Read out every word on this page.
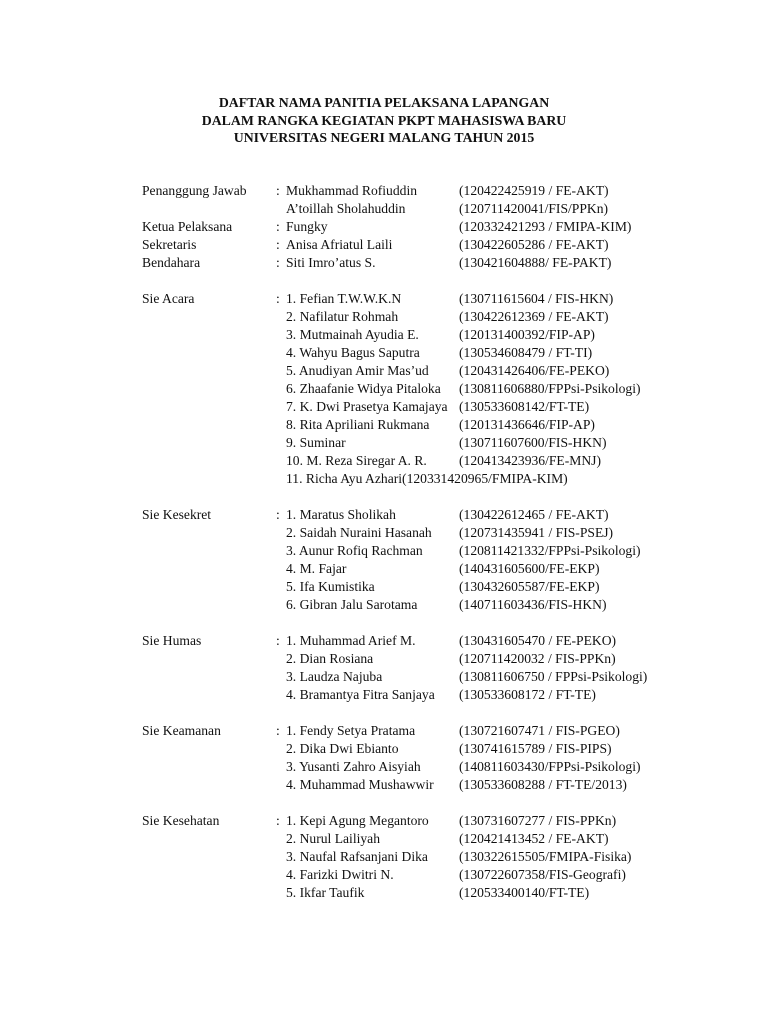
DAFTAR NAMA PANITIA PELAKSANA LAPANGAN
DALAM RANGKA KEGIATAN PKPT MAHASISWA BARU
UNIVERSITAS NEGERI MALANG TAHUN 2015
Penanggung Jawab : Mukhammad Rofiuddin	(120422425919 / FE-AKT)
A’toillah Sholahuddin	(120711420041/FIS/PPKn)
Ketua Pelaksana	: Fungky	(120332421293 / FMIPA-KIM)
Sekretaris	: Anisa Afriatul Laili	(130422605286 / FE-AKT)
Bendahara	: Siti Imro’atus S.	(130421604888/ FE-PAKT)
Sie Acara	: 1. Fefian T.W.W.K.N	(130711615604 / FIS-HKN)
2. Nafilatur Rohmah	(130422612369 / FE-AKT)
3. Mutmainah Ayudia E.	(120131400392/FIP-AP)
4. Wahyu Bagus Saputra	(130534608479 / FT-TI)
5. Anudiyan Amir Mas’ud (120431426406/FE-PEKO)
6. Zhaafanie Widya Pitaloka (130811606880/FPPsi-Psikologi)
7. K. Dwi Prasetya Kamajaya (130533608142/FT-TE)
8. Rita Apriliani Rukmana (120131436646/FIP-AP)
9. Suminar	(130711607600/FIS-HKN)
10. M. Reza Siregar A. R. (120413423936/FE-MNJ)
11. Richa Ayu Azhari(120331420965/FMIPA-KIM)
Sie Kesekret	: 1. Maratus Sholikah	(130422612465 / FE-AKT)
2. Saidah Nuraini Hasanah (120731435941 / FIS-PSEJ)
3. Aunur Rofiq Rachman	(120811421332/FPPsi-Psikologi)
4. M. Fajar	(140431605600/FE-EKP)
5. Ifa Kumistika	(130432605587/FE-EKP)
6. Gibran Jalu Sarotama	(140711603436/FIS-HKN)
Sie Humas	: 1. Muhammad Arief M.	(130431605470 / FE-PEKO)
2. Dian Rosiana	(120711420032 / FIS-PPKn)
3. Laudza Najuba	(130811606750 / FPPsi-Psikologi)
4. Bramantya Fitra Sanjaya (130533608172 / FT-TE)
Sie Keamanan	: 1. Fendy Setya Pratama	(130721607471 / FIS-PGEO)
2. Dika Dwi Ebianto	(130741615789 / FIS-PIPS)
3. Yusanti Zahro Aisyiah	(140811603430/FPPsi-Psikologi)
4. Muhammad Mushawwir (130533608288 / FT-TE/2013)
Sie Kesehatan	: 1. Kepi Agung Megantoro (130731607277 / FIS-PPKn)
2. Nurul Lailiyah	(120421413452 / FE-AKT)
3. Naufal Rafsanjani Dika (130322615505/FMIPA-Fisika)
4. Farizki Dwitri N.	(130722607358/FIS-Geografi)
5. Ikfar Taufik	(120533400140/FT-TE)
